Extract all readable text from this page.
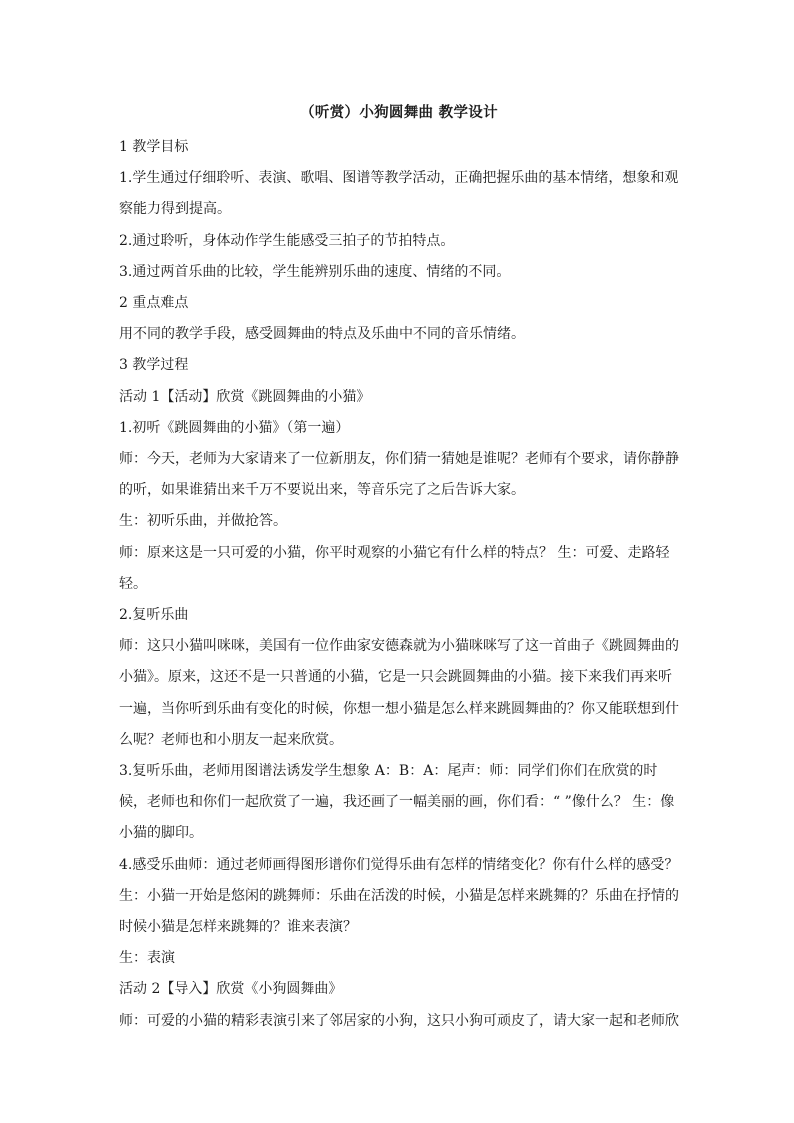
（听赏）小狗圆舞曲 教学设计

1 教学目标

1.学生通过仔细聆听、表演、歌唱、图谱等教学活动，正确把握乐曲的基本情绪，想象和观察能力得到提高。

2.通过聆听，身体动作学生能感受三拍子的节拍特点。

3.通过两首乐曲的比较，学生能辨别乐曲的速度、情绪的不同。

2 重点难点

用不同的教学手段，感受圆舞曲的特点及乐曲中不同的音乐情绪。

3 教学过程

活动 1【活动】欣赏《跳圆舞曲的小猫》

1.初听《跳圆舞曲的小猫》（第一遍）

师：今天，老师为大家请来了一位新朋友，你们猜一猜她是谁呢？老师有个要求，请你静静的听，如果谁猜出来千万不要说出来，等音乐完了之后告诉大家。

生：初听乐曲，并做抢答。

师：原来这是一只可爱的小猫，你平时观察的小猫它有什么样的特点？ 生：可爱、走路轻轻。

2.复听乐曲

师：这只小猫叫咪咪，美国有一位作曲家安德森就为小猫咪咪写了这一首曲子《跳圆舞曲的小猫》。原来，这还不是一只普通的小猫，它是一只会跳圆舞曲的小猫。接下来我们再来听一遍，当你听到乐曲有变化的时候，你想一想小猫是怎么样来跳圆舞曲的？你又能联想到什么呢？老师也和小朋友一起来欣赏。

3.复听乐曲，老师用图谱法诱发学生想象 A：B：A：尾声：师：同学们你们在欣赏的时候，老师也和你们一起欣赏了一遍，我还画了一幅美丽的画，你们看：“ ”像什么？ 生：像小猫的脚印。

4.感受乐曲师：通过老师画得图形谱你们觉得乐曲有怎样的情绪变化？你有什么样的感受？生：小猫一开始是悠闲的跳舞师：乐曲在活泼的时候，小猫是怎样来跳舞的？乐曲在抒情的时候小猫是怎样来跳舞的？谁来表演？

生：表演

活动 2【导入】欣赏《小狗圆舞曲》

师：可爱的小猫的精彩表演引来了邻居家的小狗，这只小狗可顽皮了，请大家一起和老师欣
